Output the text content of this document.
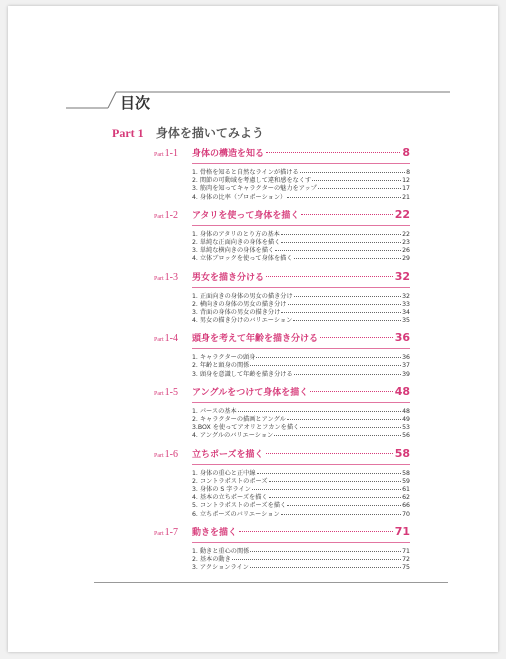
目次
Part 1 身体を描いてみよう
Part1-1	身体の構造を知る	8
1. 骨格を知ると自然なラインが描ける	8
2. 関節の可動域を考慮して違和感をなくす	12
3. 筋肉を知ってキャラクターの魅力をアップ	17
4. 身体の比率（プロポーション）	21
Part1-2	アタリを使って身体を描く	22
1. 身体のアタリのとり方の基本	22
2. 単純な正面向きの身体を描く	23
3. 単純な横向きの身体を描く	26
4. 立体ブロックを使って身体を描く	29
Part1-3	男女を描き分ける	32
1. 正面向きの身体の男女の描き分け	32
2. 横向きの身体の男女の描き分け	33
3. 背面の身体の男女の描き分け	34
4. 男女の描き分けのバリエーション	35
Part1-4	頭身を考えて年齢を描き分ける	36
1. キャラクターの頭身	36
2. 年齢と頭身の関係	37
3. 頭身を意識して年齢を描き分ける	39
Part1-5	アングルをつけて身体を描く	48
1. パースの基本	48
2. キャラクターの描画とアングル	49
3.BOX を使ってアオリとフカンを描く	53
4. アングルのバリエーション	56
Part1-6	立ちポーズを描く	58
1. 身体の重心と正中線	58
2. コントラポストのポーズ	59
3. 身体の S 字ライン	61
4. 基本の立ちポーズを描く	62
5. コントラポストのポーズを描く	66
6. 立ちポーズのバリエーション	70
Part1-7	動きを描く	71
1. 動きと重心の関係	71
2. 基本の動き	72
3. アクションライン	75
